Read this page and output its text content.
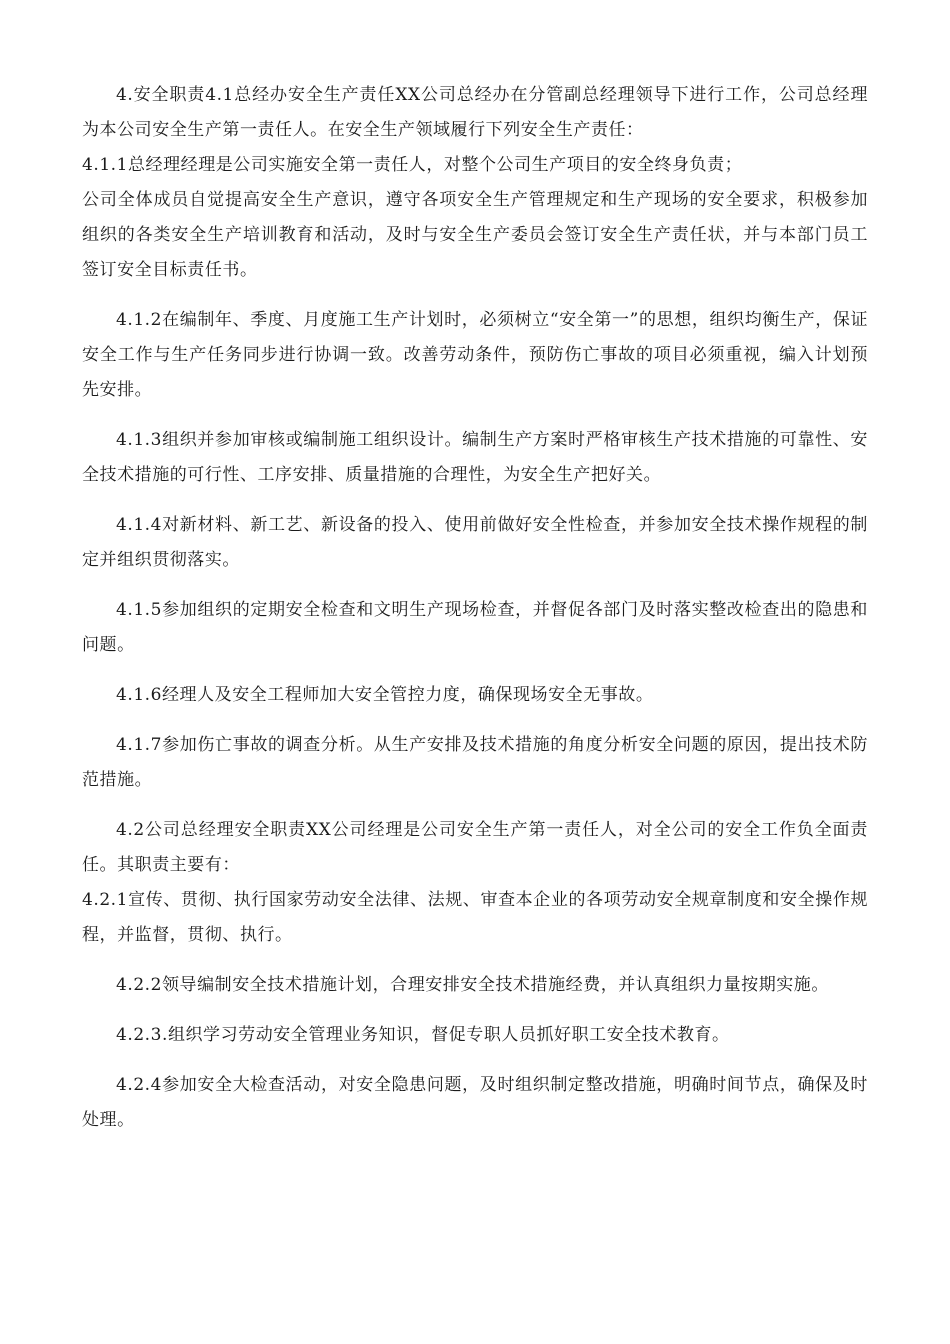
4.安全职责4.1总经办安全生产责任XX公司总经办在分管副总经理领导下进行工作，公司总经理为本公司安全生产第一责任人。在安全生产领域履行下列安全生产责任：

4.1.1总经理经理是公司实施安全第一责任人，对整个公司生产项目的安全终身负责；

公司全体成员自觉提高安全生产意识，遵守各项安全生产管理规定和生产现场的安全要求，积极参加组织的各类安全生产培训教育和活动，及时与安全生产委员会签订安全生产责任状，并与本部门员工签订安全目标责任书。

4.1.2在编制年、季度、月度施工生产计划时，必须树立“安全第一”的思想，组织均衡生产，保证安全工作与生产任务同步进行协调一致。改善劳动条件，预防伤亡事故的项目必须重视，编入计划预先安排。

4.1.3组织并参加审核或编制施工组织设计。编制生产方案时严格审核生产技术措施的可靠性、安全技术措施的可行性、工序安排、质量措施的合理性，为安全生产把好关。

4.1.4对新材料、新工艺、新设备的投入、使用前做好安全性检查，并参加安全技术操作规程的制定并组织贯彻落实。

4.1.5参加组织的定期安全检查和文明生产现场检查，并督促各部门及时落实整改检查出的隐患和问题。

4.1.6经理人及安全工程师加大安全管控力度，确保现场安全无事故。

4.1.7参加伤亡事故的调查分析。从生产安排及技术措施的角度分析安全问题的原因，提出技术防范措施。

4.2公司总经理安全职责XX公司经理是公司安全生产第一责任人，对全公司的安全工作负全面责任。其职责主要有：

4.2.1宣传、贯彻、执行国家劳动安全法律、法规、审查本企业的各项劳动安全规章制度和安全操作规程，并监督，贯彻、执行。

4.2.2领导编制安全技术措施计划，合理安排安全技术措施经费，并认真组织力量按期实施。

4.2.3.组织学习劳动安全管理业务知识，督促专职人员抓好职工安全技术教育。

4.2.4参加安全大检查活动，对安全隐患问题，及时组织制定整改措施，明确时间节点，确保及时处理。
